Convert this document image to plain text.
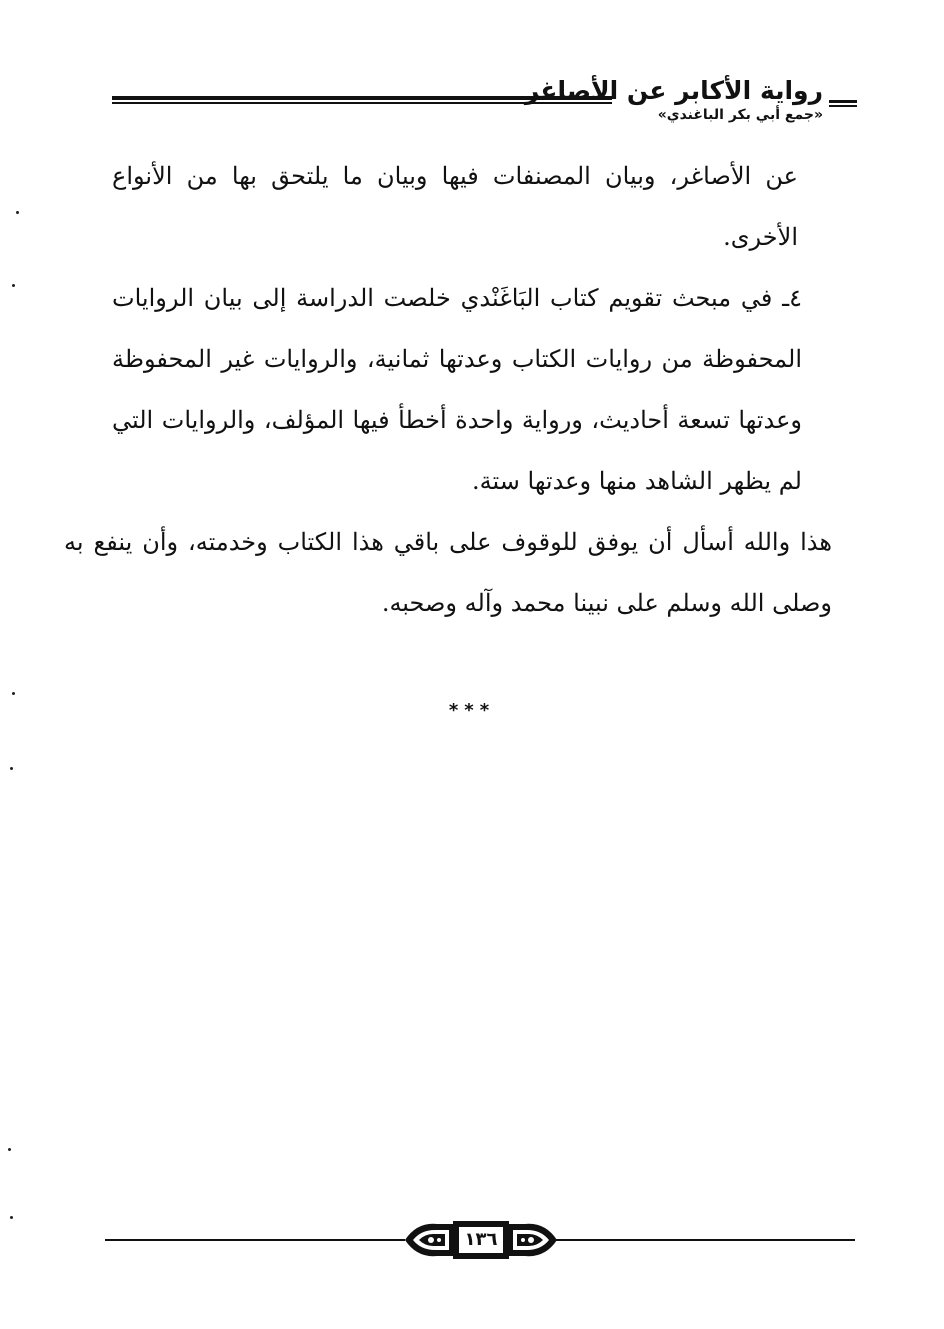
رواية الأكابر عن الأصاغر
«جمع أبي بكر الباغندي»

عن الأصاغر، وبيان المصنفات فيها وبيان ما يلتحق بها من الأنواع الأخرى.

٤ـ في مبحث تقويم كتاب البَاغَنْدي خلصت الدراسة إلى بيان الروايات المحفوظة من روايات الكتاب وعدتها ثمانية، والروايات غير المحفوظة وعدتها تسعة أحاديث، ورواية واحدة أخطأ فيها المؤلف، والروايات التي لم يظهر الشاهد منها وعدتها ستة.

هذا والله أسأل أن يوفق للوقوف على باقي هذا الكتاب وخدمته، وأن ينفع به وصلى الله وسلم على نبينا محمد وآله وصحبه.

***
١٣٦
